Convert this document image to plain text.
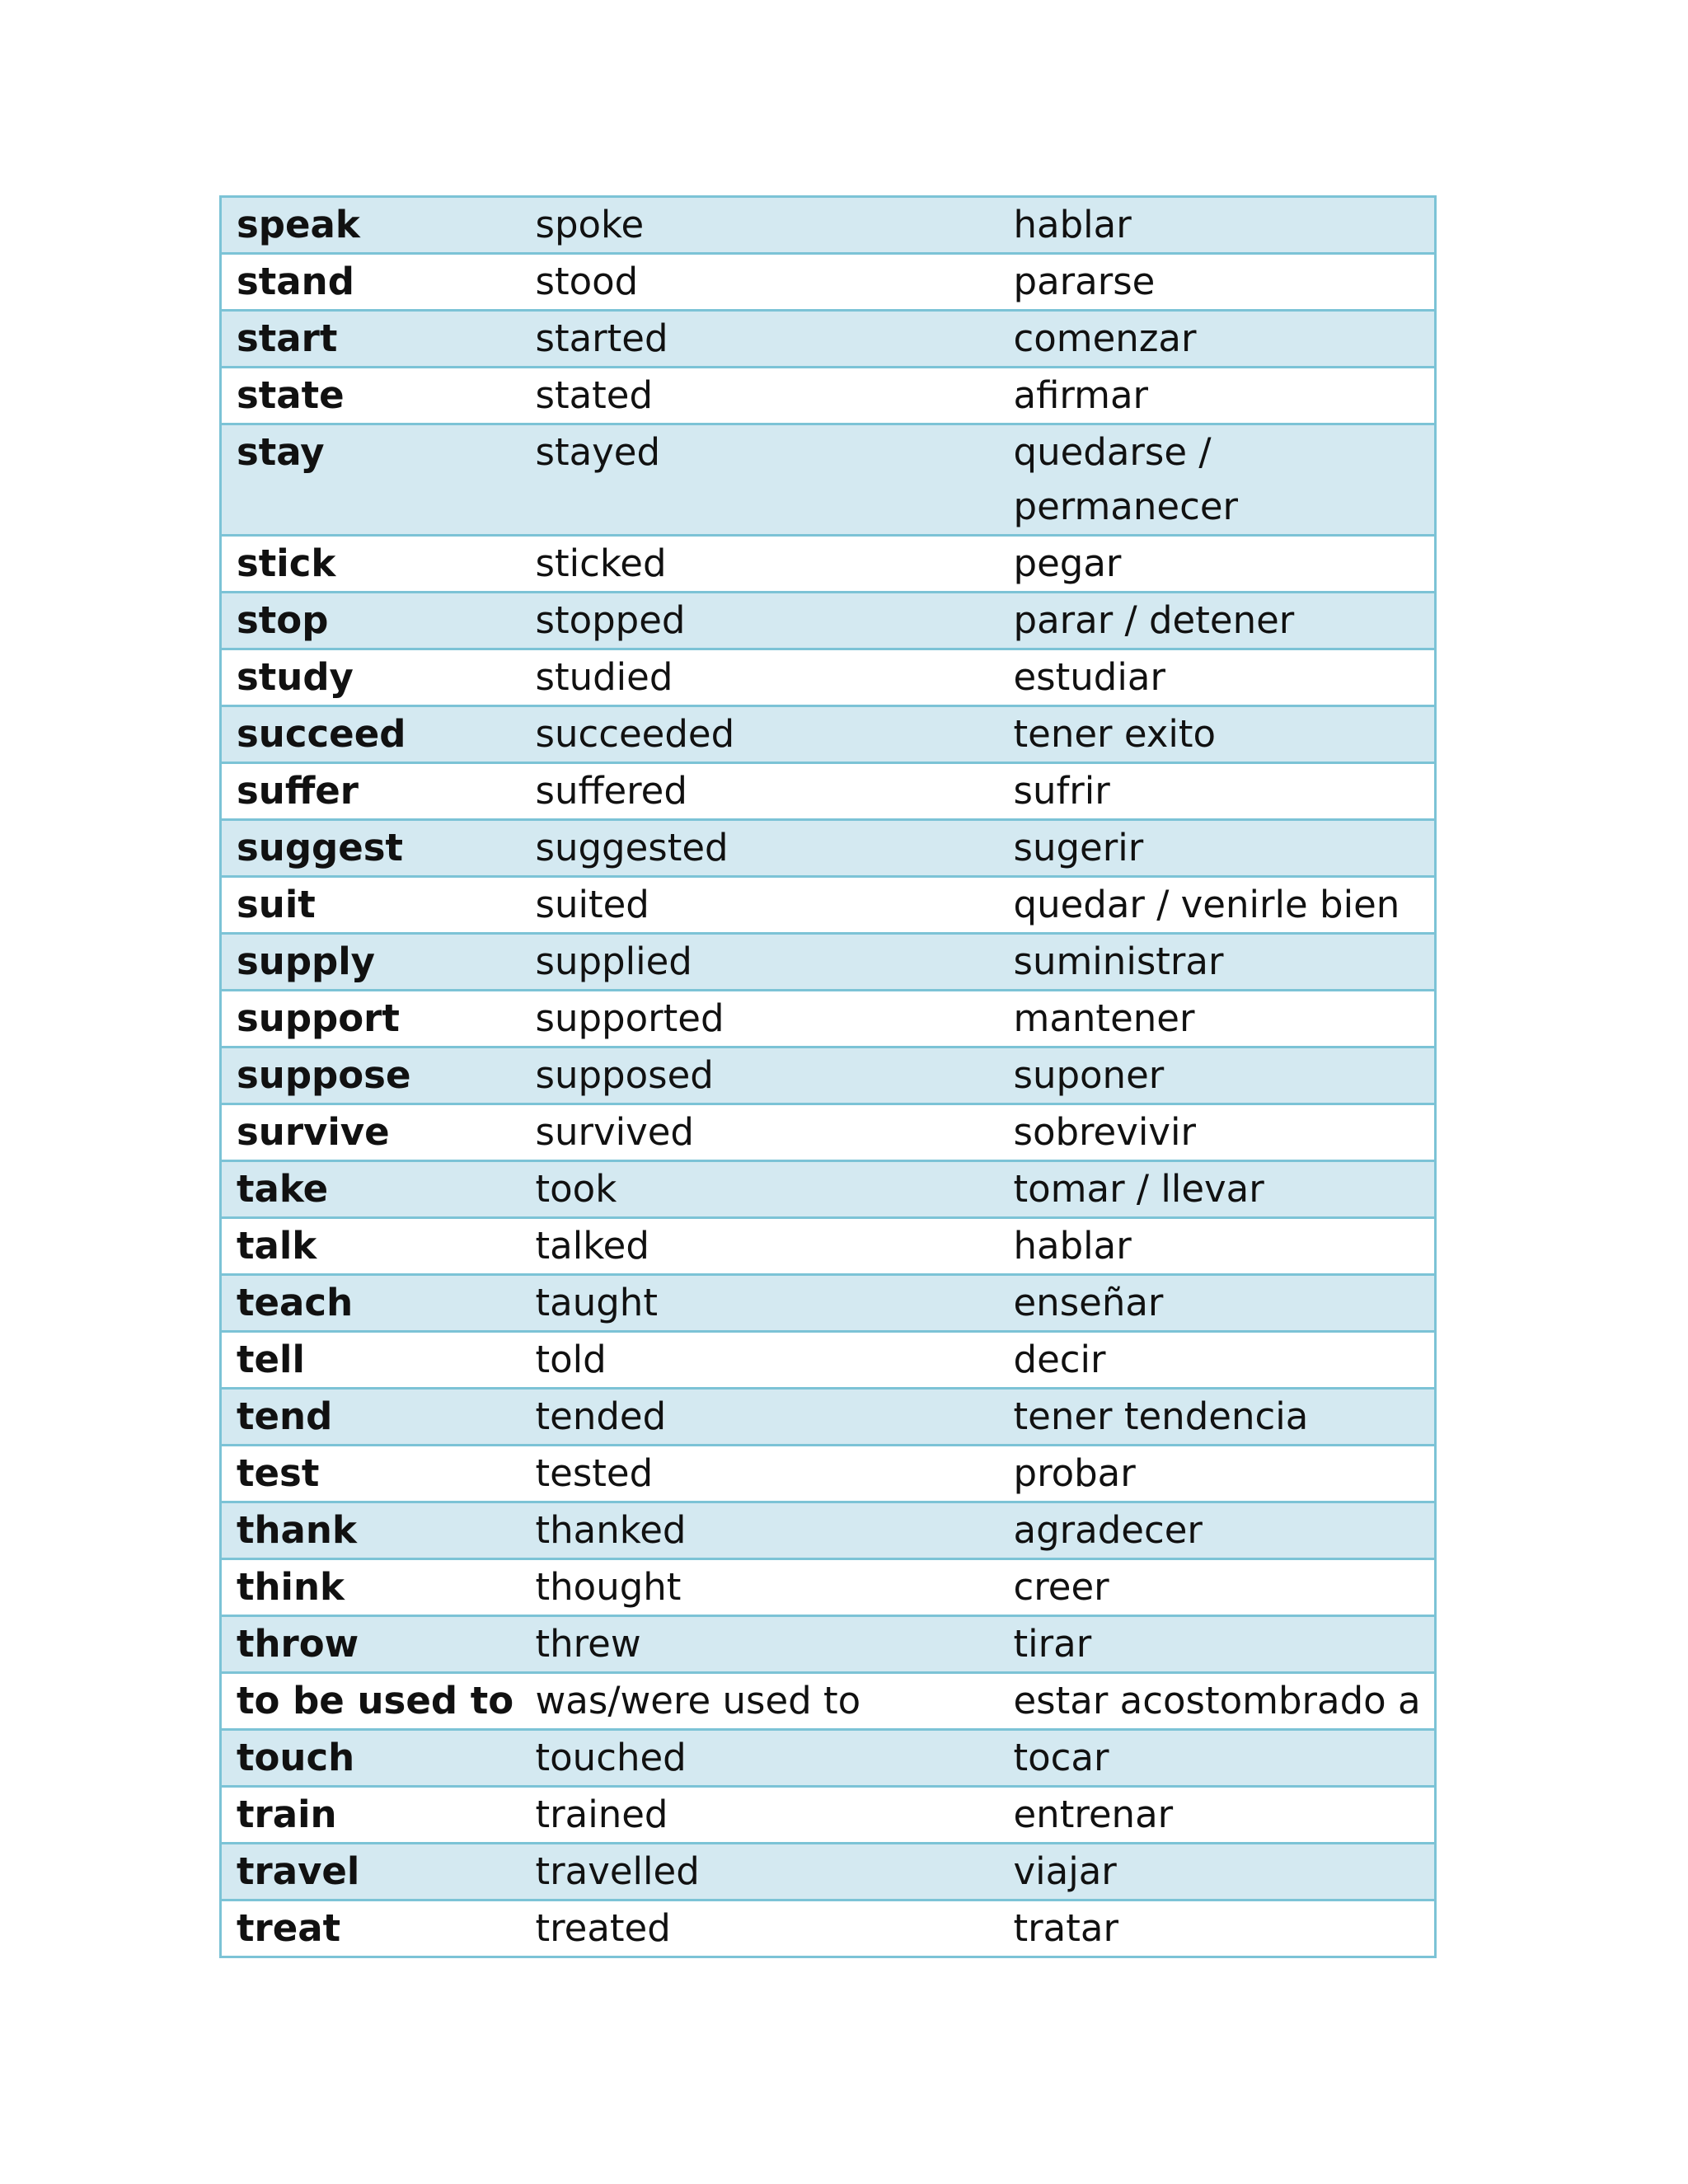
speak	spoke	hablar
stand	stood	pararse
start	started	comenzar
state	stated	afirmar
stay	stayed	quedarse / permanecer
stick	sticked	pegar
stop	stopped	parar / detener
study	studied	estudiar
succeed	succeeded	tener exito
suffer	suffered	sufrir
suggest	suggested	sugerir
suit	suited	quedar / venirle bien
supply	supplied	suministrar
support	supported	mantener
suppose	supposed	suponer
survive	survived	sobrevivir
take	took	tomar / llevar
talk	talked	hablar
teach	taught	enseñar
tell	told	decir
tend	tended	tener tendencia
test	tested	probar
thank	thanked	agradecer
think	thought	creer
throw	threw	tirar
to be used to	was/were used to	estar acostombrado a
touch	touched	tocar
train	trained	entrenar
travel	travelled	viajar
treat	treated	tratar
